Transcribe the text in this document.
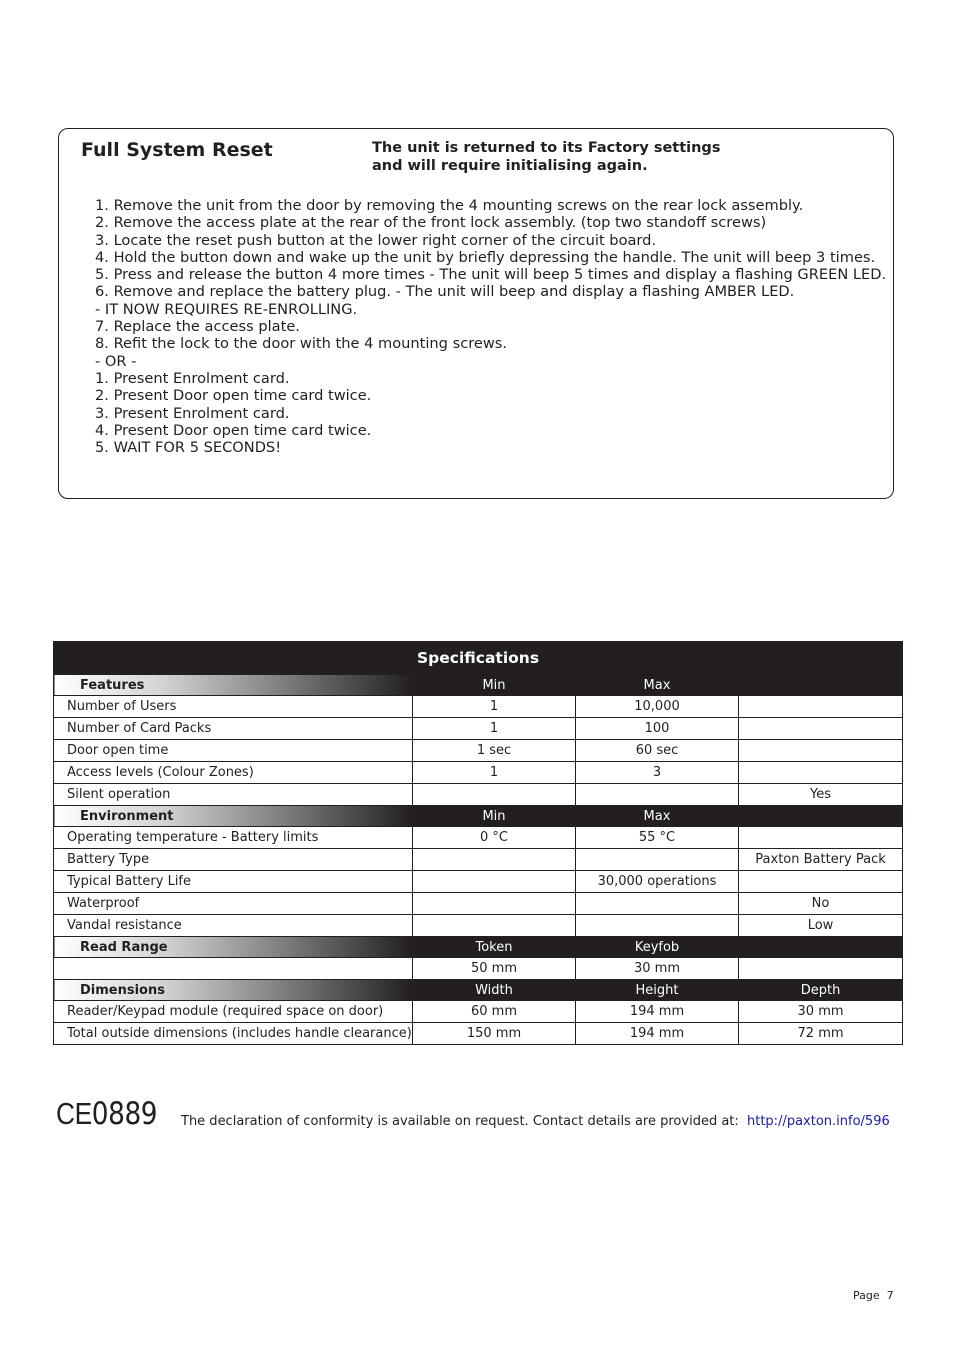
Full System Reset	The unit is returned to its Factory settings
and will require initialising again.
1. Remove the unit from the door by removing the 4 mounting screws on the rear lock assembly.
2. Remove the access plate at the rear of the front lock assembly. (top two standoff screws)
3. Locate the reset push button at the lower right corner of the circuit board.
4. Hold the button down and wake up the unit by briefly depressing the handle. The unit will beep 3 times.
5. Press and release the button 4 more times - The unit will beep 5 times and display a flashing GREEN LED.
6. Remove and replace the battery plug. - The unit will beep and display a flashing AMBER LED.
- IT NOW REQUIRES RE-ENROLLING.
7. Replace the access plate.
8. Refit the lock to the door with the 4 mounting screws.
- OR -
1. Present Enrolment card.
2. Present Door open time card twice.
3. Present Enrolment card.
4. Present Door open time card twice.
5. WAIT FOR 5 SECONDS!
Specifications			
Features	Min	Max	
Number of Users	1	10,000	
Number of Card Packs	1	100	
Door open time	1 sec	60 sec	
Access levels (Colour Zones)	1	3	
Silent operation			Yes
Environment	Min	Max	
Operating temperature - Battery limits	0 °C	55 °C	
Battery Type			Paxton Battery Pack
Typical Battery Life		30,000 operations	
Waterproof			No
Vandal resistance			Low
Read Range	Token	Keyfob	
	50 mm	30 mm	
Dimensions	Width	Height	Depth
Reader/Keypad module (required space on door)	60 mm	194 mm	30 mm
Total outside dimensions (includes handle clearance)	150 mm	194 mm	72 mm
CE0889 The declaration of conformity is available on request. Contact details are provided at: http://paxton.info/596
Page 7
